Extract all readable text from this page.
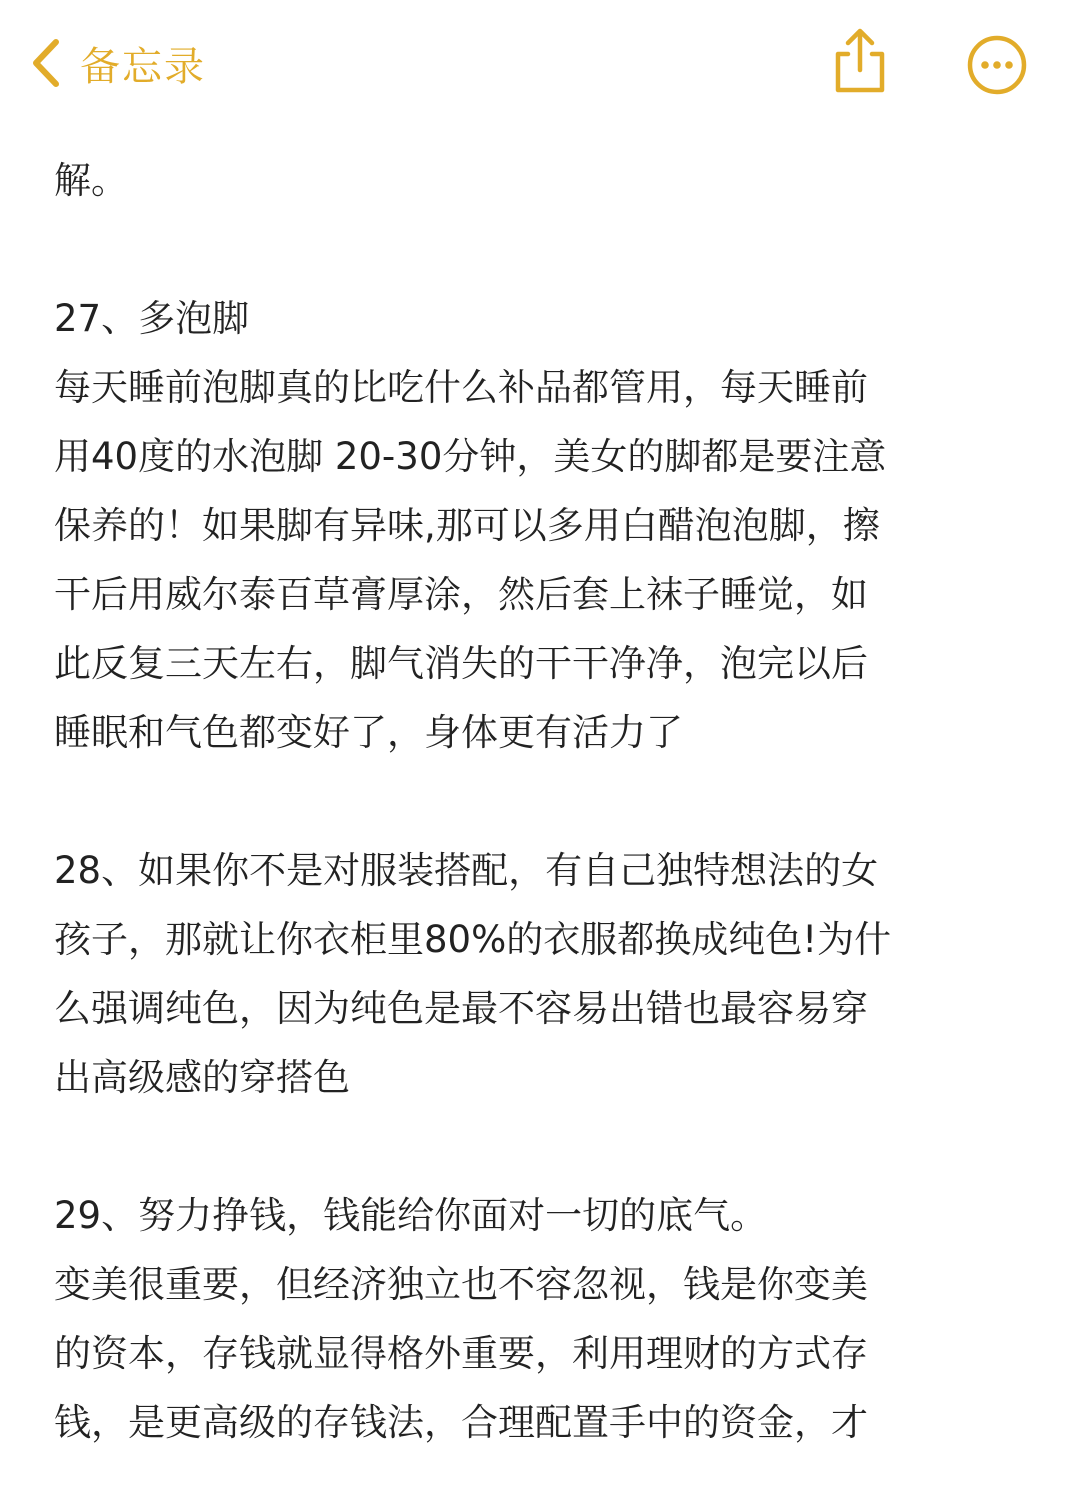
备忘录
解。
27、多泡脚
每天睡前泡脚真的比吃什么补品都管用，每天睡前
用40度的水泡脚 20-30分钟，美女的脚都是要注意
保养的！如果脚有异味,那可以多用白醋泡泡脚，擦
干后用威尔泰百草膏厚涂，然后套上袜子睡觉，如
此反复三天左右，脚气消失的干干净净，泡完以后
睡眠和气色都变好了，身体更有活力了
28、如果你不是对服装搭配，有自己独特想法的女
孩子，那就让你衣柜里80%的衣服都换成纯色!为什
么强调纯色，因为纯色是最不容易出错也最容易穿
出高级感的穿搭色
29、努力挣钱，钱能给你面对一切的底气。
变美很重要，但经济独立也不容忽视，钱是你变美
的资本，存钱就显得格外重要，利用理财的方式存
钱，是更高级的存钱法，合理配置手中的资金，才
